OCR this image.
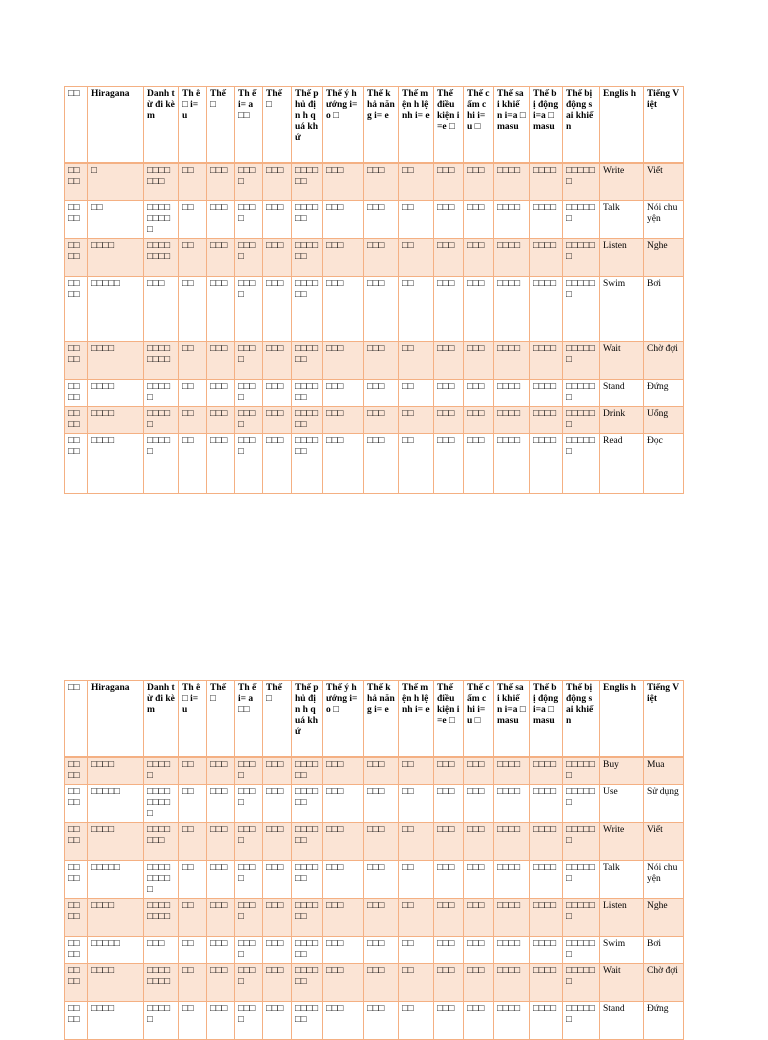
□□	Hiragana	Danh từ đi kèm	Th ê□ i= u	Thế □	Th ế i= a □□	Thế □	Thế phủ địn h quá khứ	Thế ý hướng i= o □	Thế khả năng i= e	Thế mện h lệnh i= e	Thế điều kiện i =e □	Thế cấm chi i=u □	Thế sai khiế n i=a □ masu	Thế bị động i=a □ masu	Thế bị động sai khiến	Englis h	Tiếng Việt
□□□□	□	□□□□□□□	□□	□□□	□□□□	□□□	□□□□□□	□□□	□□□	□□	□□□	□□□	□□□□	□□□□	□□□□□□	Write	Viết
□□□□	□□	□□□□□□□□□	□□	□□□	□□□□	□□□	□□□□□□	□□□	□□□	□□	□□□	□□□	□□□□	□□□□	□□□□□□	Talk	Nói chuyện
□□□□	□□□□	□□□□□□□□	□□	□□□	□□□□	□□□	□□□□□□	□□□	□□□	□□	□□□	□□□	□□□□	□□□□	□□□□□□	Listen	Nghe
□□□□	□□□□□	□□□	□□	□□□	□□□□	□□□	□□□□□□	□□□	□□□	□□	□□□	□□□	□□□□	□□□□	□□□□□□	Swim	Bơi
□□□□	□□□□	□□□□□□□□	□□	□□□	□□□□	□□□	□□□□□□	□□□	□□□	□□	□□□	□□□	□□□□	□□□□	□□□□□□	Wait	Chờ đợi
□□□□	□□□□	□□□□□	□□	□□□	□□□□	□□□	□□□□□□	□□□	□□□	□□	□□□	□□□	□□□□	□□□□	□□□□□□	Stand	Đứng
□□□□	□□□□	□□□□□	□□	□□□	□□□□	□□□	□□□□□□	□□□	□□□	□□	□□□	□□□	□□□□	□□□□	□□□□□□	Drink	Uống
□□□□	□□□□	□□□□□	□□	□□□	□□□□	□□□	□□□□□□	□□□	□□□	□□	□□□	□□□	□□□□	□□□□	□□□□□□	Read	Đọc
□□	Hiragana	Danh từ đi kèm	Th ê□ i= u	Thế □	Th ế i= a □□	Thế □	Thế phủ địn h quá khứ	Thế ý hướng i= o □	Thế khả năng i= e	Thế mện h lệnh i= e	Thế điều kiện i =e □	Thế cấm chi i=u □	Thế sai khiế n i=a □ masu	Thế bị động i=a □ masu	Thế bị động sai khiến	Englis h	Tiếng Việt
□□□□	□□□□	□□□□□	□□	□□□	□□□□	□□□	□□□□□□	□□□	□□□	□□	□□□	□□□	□□□□	□□□□	□□□□□□	Buy	Mua
□□□□	□□□□□	□□□□□□□□□	□□	□□□	□□□□	□□□	□□□□□□	□□□	□□□	□□	□□□	□□□	□□□□	□□□□	□□□□□□	Use	Sử dụng
□□□□	□□□□	□□□□□□□	□□	□□□	□□□□	□□□	□□□□□□	□□□	□□□	□□	□□□	□□□	□□□□	□□□□	□□□□□□	Write	Viết
□□□□	□□□□□	□□□□□□□□□	□□	□□□	□□□□	□□□	□□□□□□	□□□	□□□	□□	□□□	□□□	□□□□	□□□□	□□□□□□	Talk	Nói chuyện
□□□□	□□□□	□□□□□□□□	□□	□□□	□□□□	□□□	□□□□□□	□□□	□□□	□□	□□□	□□□	□□□□	□□□□	□□□□□□	Listen	Nghe
□□□□	□□□□□	□□□	□□	□□□	□□□□	□□□	□□□□□□	□□□	□□□	□□	□□□	□□□	□□□□	□□□□	□□□□□□	Swim	Bơi
□□□□	□□□□	□□□□□□□□	□□	□□□	□□□□	□□□	□□□□□□	□□□	□□□	□□	□□□	□□□	□□□□	□□□□	□□□□□□	Wait	Chờ đợi
□□□□	□□□□	□□□□□	□□	□□□	□□□□	□□□	□□□□□□	□□□	□□□	□□	□□□	□□□	□□□□	□□□□	□□□□□□	Stand	Đứng
